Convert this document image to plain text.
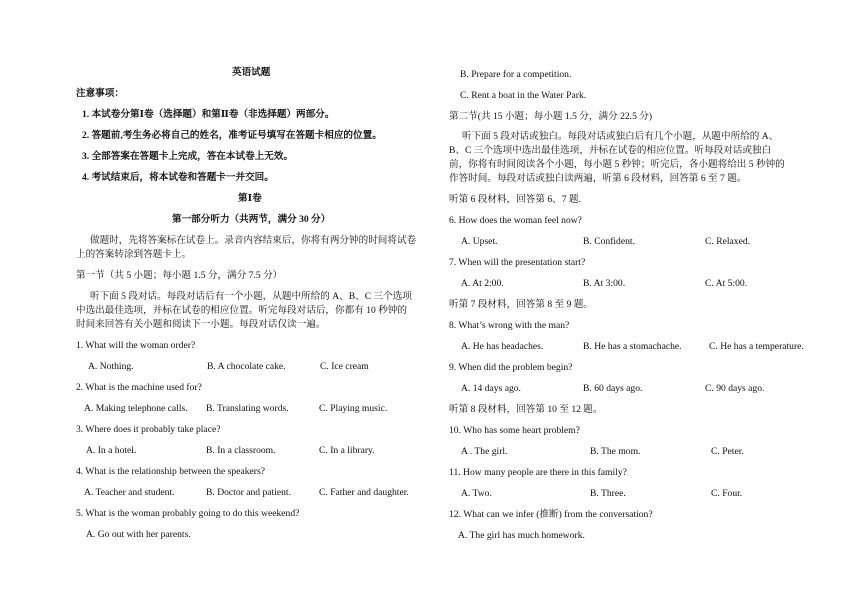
英语试题
注意事项：
1. 本试卷分第Ⅰ卷（选择题）和第Ⅱ卷（非选择题）两部分。
2. 答题前,考生务必将自己的姓名，准考证号填写在答题卡相应的位置。
3. 全部答案在答题卡上完成，答在本试卷上无效。
4. 考试结束后，将本试卷和答题卡一并交回。
第Ⅰ卷
第一部分听力（共两节，满分 30 分）
做题时，先将答案标在试卷上。录音内容结束后，你将有两分钟的时间将试卷
上的答案转涂到答题卡上。
第一节（共 5 小题；每小题 1.5 分，满分 7.5 分）
听下面 5 段对话。每段对话后有一个小题，从题中所给的 A、B、C 三个选项
中选出最佳选项，并标在试卷的相应位置。听完每段对话后，你都有 10 秒钟的
时间来回答有关小题和阅读下一小题。每段对话仅读一遍。
1. What will the woman order?
A. Nothing.	B. A chocolate cake.	C. Ice cream
2. What is the machine used for?
A. Making telephone calls. B. Translating words.	C. Playing music.
3. Where does it probably take place?
A. In a hotel.	B. In a classroom.	C. In a library.
4. What is the relationship between the speakers?
A. Teacher and student.	B. Doctor and patient.	C. Father and daughter.
5. What is the woman probably going to do this weekend?
A. Go out with her parents.
B. Prepare for a competition.
C. Rent a boat in the Water Park.
第二节(共 15 小题；每小题 1.5 分，满分 22.5 分)
听下面 5 段对话或独白。每段对话或独白后有几个小题，从题中所给的 A、
B、C 三个选项中选出最佳选项，并标在试卷的相应位置。听每段对话或独白
前，你将有时间阅读各个小题，每小题 5 秒钟；听完后，各小题将给出 5 秒钟的
作答时间。每段对话或独白读两遍，听第 6 段材料，回答第 6 至 7 题。
听第 6 段材料，回答第 6、7 题.
6. How does the woman feel now?
A. Upset.	B. Confident.	C. Relaxed.
7. When will the presentation start?
A. At 2:00.	B. At 3:00.	C. At 5:00.
听第 7 段材料，回答第 8 至 9 题。
8. What’s wrong with the man?
A. He has headaches.	B. He has a stomachache.	C. He has a temperature.
9. When did the problem begin?
A. 14 days ago.	B. 60 days ago.	C. 90 days ago.
听第 8 段材料，回答第 10 至 12 题。
10. Who has some heart problem?
A . The girl.	B. The mom.	C. Peter.
11. How many people are there in this family?
A. Two.	B. Three.	C. Four.
12. What can we infer (推断) from the conversation?
A. The girl has much homework.
